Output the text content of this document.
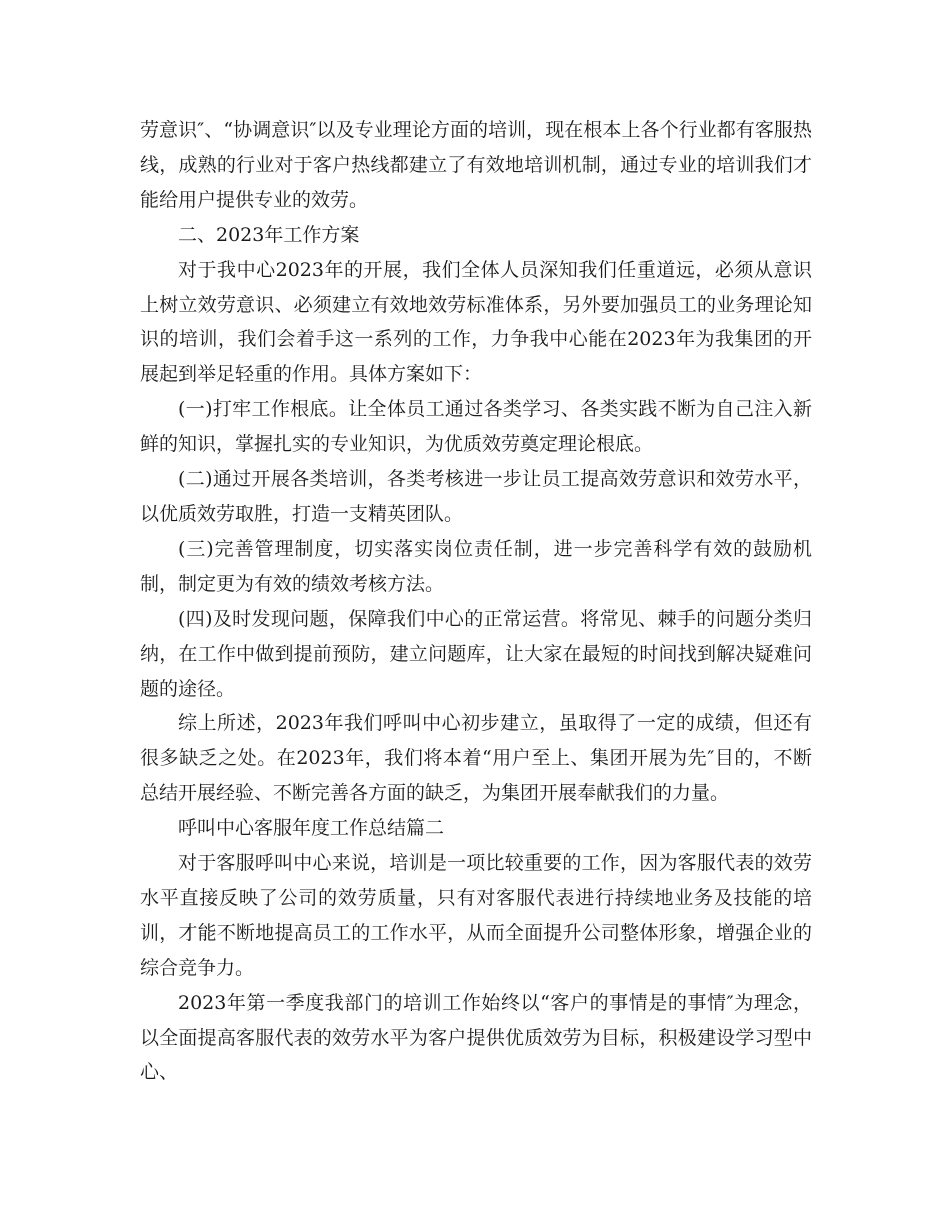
劳意识″、“协调意识″以及专业理论方面的培训，现在根本上各个行业都有客服热线，成熟的行业对于客户热线都建立了有效地培训机制，通过专业的培训我们才能给用户提供专业的效劳。

二、2023年工作方案

对于我中心2023年的开展，我们全体人员深知我们任重道远，必须从意识上树立效劳意识、必须建立有效地效劳标准体系，另外要加强员工的业务理论知识的培训，我们会着手这一系列的工作，力争我中心能在2023年为我集团的开展起到举足轻重的作用。具体方案如下：

(一)打牢工作根底。让全体员工通过各类学习、各类实践不断为自己注入新鲜的知识，掌握扎实的专业知识，为优质效劳奠定理论根底。

(二)通过开展各类培训，各类考核进一步让员工提高效劳意识和效劳水平，以优质效劳取胜，打造一支精英团队。

(三)完善管理制度，切实落实岗位责任制，进一步完善科学有效的鼓励机制，制定更为有效的绩效考核方法。

(四)及时发现问题，保障我们中心的正常运营。将常见、棘手的问题分类归纳，在工作中做到提前预防，建立问题库，让大家在最短的时间找到解决疑难问题的途径。

综上所述，2023年我们呼叫中心初步建立，虽取得了一定的成绩，但还有很多缺乏之处。在2023年，我们将本着“用户至上、集团开展为先″目的，不断总结开展经验、不断完善各方面的缺乏，为集团开展奉献我们的力量。

呼叫中心客服年度工作总结篇二

对于客服呼叫中心来说，培训是一项比较重要的工作，因为客服代表的效劳水平直接反映了公司的效劳质量，只有对客服代表进行持续地业务及技能的培训，才能不断地提高员工的工作水平，从而全面提升公司整体形象，增强企业的综合竞争力。

2023年第一季度我部门的培训工作始终以“客户的事情是的事情″为理念，以全面提高客服代表的效劳水平为客户提供优质效劳为目标，积极建设学习型中心、
